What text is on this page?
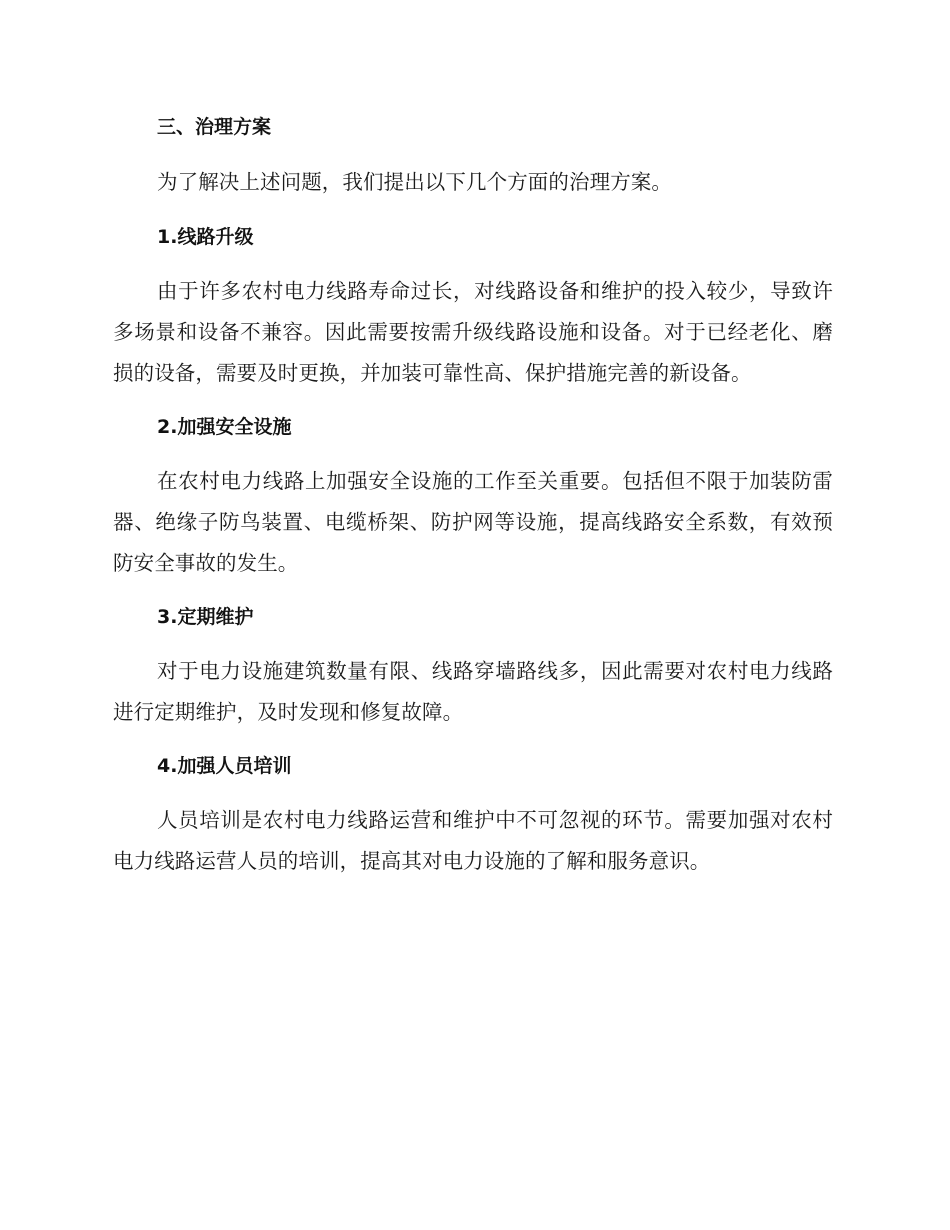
三、治理方案

为了解决上述问题，我们提出以下几个方面的治理方案。

1.线路升级

由于许多农村电力线路寿命过长，对线路设备和维护的投入较少，导致许多场景和设备不兼容。因此需要按需升级线路设施和设备。对于已经老化、磨损的设备，需要及时更换，并加装可靠性高、保护措施完善的新设备。

2.加强安全设施

在农村电力线路上加强安全设施的工作至关重要。包括但不限于加装防雷器、绝缘子防鸟装置、电缆桥架、防护网等设施，提高线路安全系数，有效预防安全事故的发生。

3.定期维护

对于电力设施建筑数量有限、线路穿墙路线多，因此需要对农村电力线路进行定期维护，及时发现和修复故障。

4.加强人员培训

人员培训是农村电力线路运营和维护中不可忽视的环节。需要加强对农村电力线路运营人员的培训，提高其对电力设施的了解和服务意识。
